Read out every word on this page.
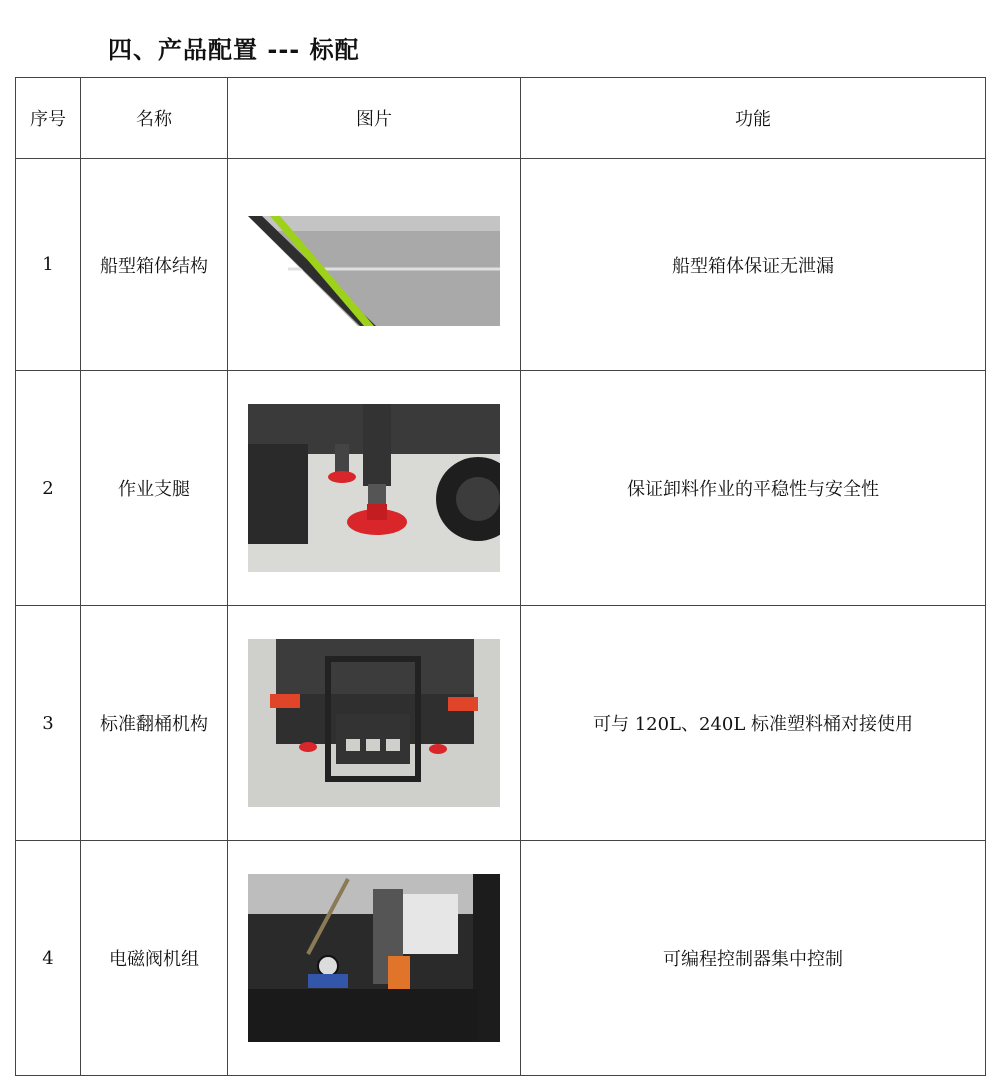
四、产品配置 --- 标配
序号	名称	图片	功能
1	船型箱体结构		船型箱体保证无泄漏
2	作业支腿		保证卸料作业的平稳性与安全性
3	标准翻桶机构		可与 120L、240L 标准塑料桶对接使用
4	电磁阀机组		可编程控制器集中控制
